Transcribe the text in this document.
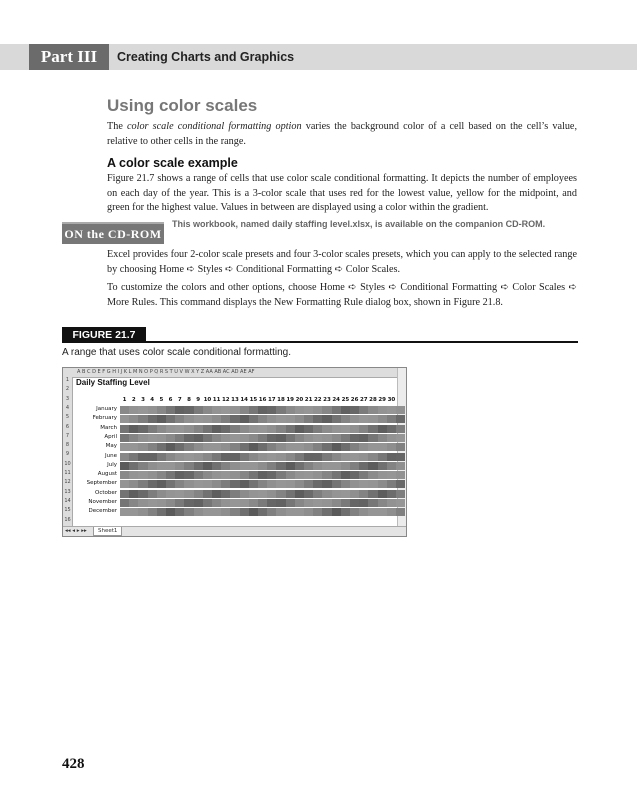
Part III	Creating Charts and Graphics
Using color scales

The color scale conditional formatting option varies the background color of a cell based on the cell’s value, relative to other cells in the range.

A color scale example

Figure 21.7 shows a range of cells that use color scale conditional formatting. It depicts the number of employees on each day of the year. This is a 3-color scale that uses red for the lowest value, yellow for the midpoint, and green for the highest value. Values in between are displayed using a color within the gradient.

ON the CD-ROM
This workbook, named daily staffing level.xlsx, is available on the companion CD-ROM.

Excel provides four 2-color scale presets and four 3-color scales presets, which you can apply to the selected range by choosing Home ➪ Styles ➪ Conditional Formatting ➪ Color Scales.

To customize the colors and other options, choose Home ➪ Styles ➪ Conditional Formatting ➪ Color Scales ➪ More Rules. This command displays the New Formatting Rule dialog box, shown in Figure 21.8.

FIGURE 21.7
A range that uses color scale conditional formatting.
A B C D E F G H I J K L M N O P Q R S T U V W X Y Z AA AB AC AD AE AF
1
2
3
4
5
6
7
8
9
10
11
12
13
14
15
16
Daily Staffing Level
1 2 3 4 5 6 7 8 9 10 11 12 13 14 15 16 17 18 19 20 21 22 23 24 25 26 27 28 29 30
◂◂ ◂ ▸ ▸▸	Sheet1
January
February
March
April
May
June
July
August
September
October
November
December
428
